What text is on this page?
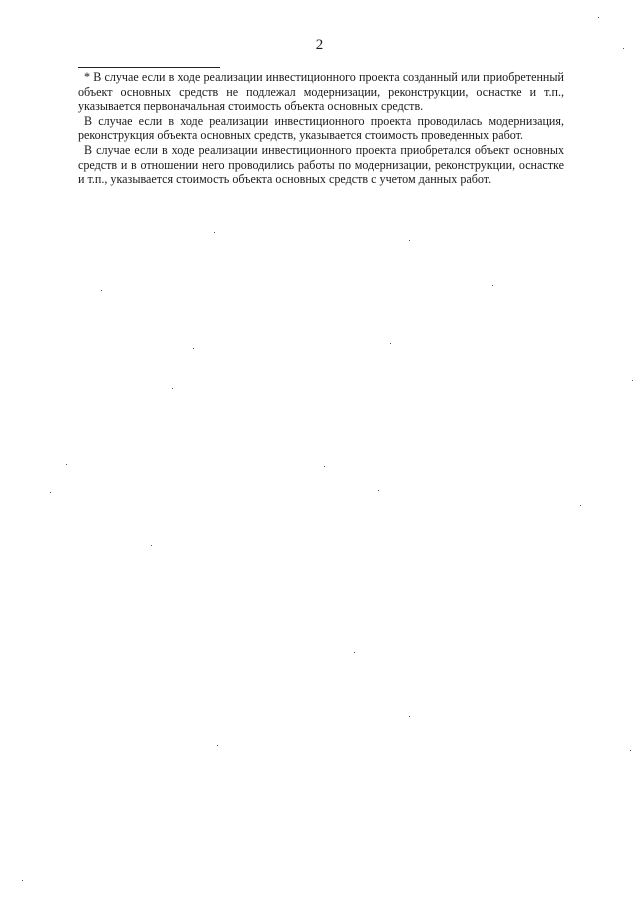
2

* В случае если в ходе реализации инвестиционного проекта созданный или приобретенный объект основных средств не подлежал модернизации, реконструкции, оснастке и т.п., указывается первоначальная стоимость объекта основных средств.

В случае если в ходе реализации инвестиционного проекта проводилась модернизация, реконструкция объекта основных средств, указывается стоимость проведенных работ.

В случае если в ходе реализации инвестиционного проекта приобретался объект основных средств и в отношении него проводились работы по модернизации, реконструкции, оснастке и т.п., указывается стоимость объекта основных средств с учетом данных работ.
